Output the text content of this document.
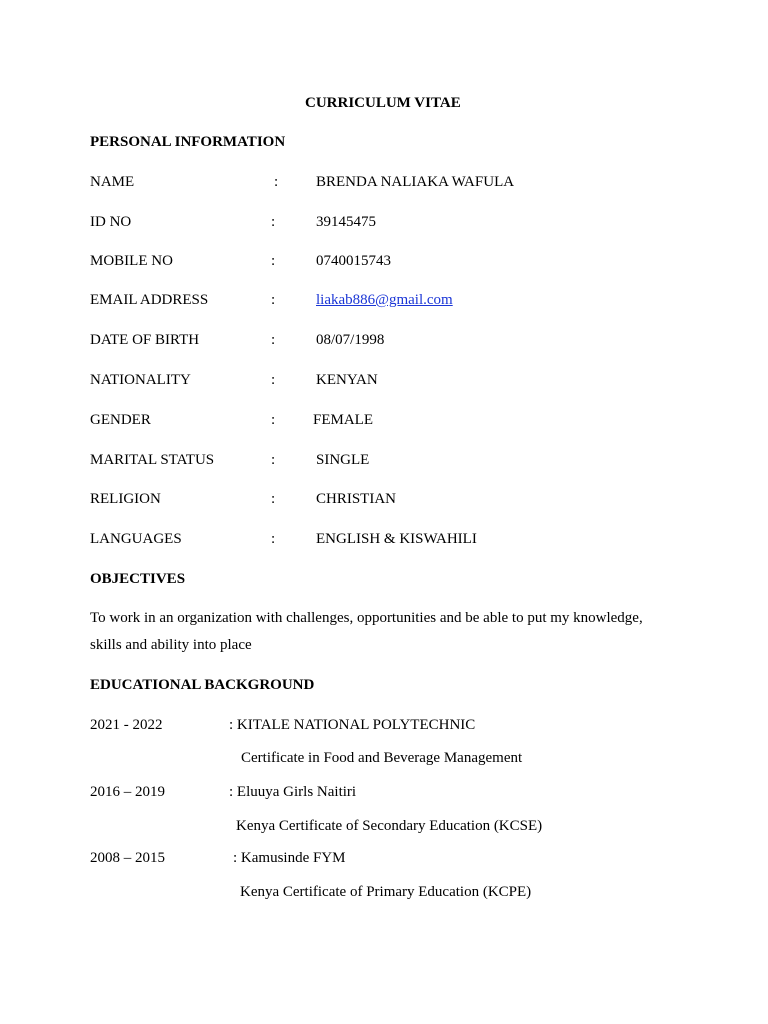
CURRICULUM VITAE
PERSONAL INFORMATION
NAME	:	BRENDA NALIAKA WAFULA
ID NO	:	39145475
MOBILE NO	:	0740015743
EMAIL ADDRESS	:	liakab886@gmail.com
DATE OF BIRTH	:	08/07/1998
NATIONALITY	:	KENYAN
GENDER	:	FEMALE
MARITAL STATUS	:	SINGLE
RELIGION	:	CHRISTIAN
LANGUAGES	:	ENGLISH & KISWAHILI
OBJECTIVES
To work in an organization with challenges, opportunities and be able to put my knowledge, skills and ability into place
EDUCATIONAL BACKGROUND
2021 - 2022	: KITALE NATIONAL POLYTECHNIC
Certificate in Food and Beverage Management
2016 – 2019	: Eluuya Girls Naitiri
Kenya Certificate of Secondary Education (KCSE)
2008 – 2015	: Kamusinde FYM
Kenya Certificate of Primary Education (KCPE)
